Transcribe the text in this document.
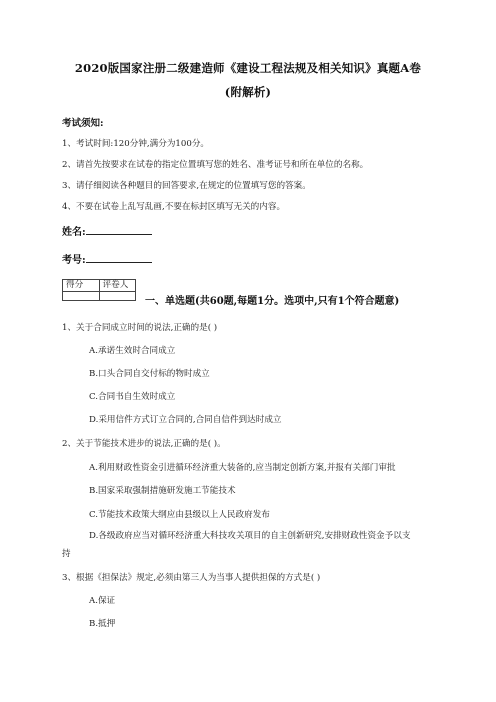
2020版国家注册二级建造师《建设工程法规及相关知识》真题A卷
(附解析)
考试须知:
1、考试时间:120分钟,满分为100分。
2、请首先按要求在试卷的指定位置填写您的姓名、准考证号和所在单位的名称。
3、请仔细阅读各种题目的回答要求,在规定的位置填写您的答案。
4、不要在试卷上乱写乱画,不要在标封区填写无关的内容。
姓名:
考号:
得分	评卷人
一、单选题(共60题,每题1分。选项中,只有1个符合题意)
1、关于合同成立时间的说法,正确的是( )
A.承诺生效时合同成立
B.口头合同自交付标的物时成立
C.合同书自生效时成立
D.采用信件方式订立合同的,合同自信件到达时成立
2、关于节能技术进步的说法,正确的是( )。
A.利用财政性资金引进循环经济重大装备的,应当制定创新方案,并报有关部门审批
B.国家采取强制措施研发施工节能技术
C.节能技术政策大纲应由县级以上人民政府发布
D.各级政府应当对循环经济重大科技攻关项目的自主创新研究,安排财政性资金予以支
持
3、根据《担保法》规定,必须由第三人为当事人提供担保的方式是( )
A.保证
B.抵押
